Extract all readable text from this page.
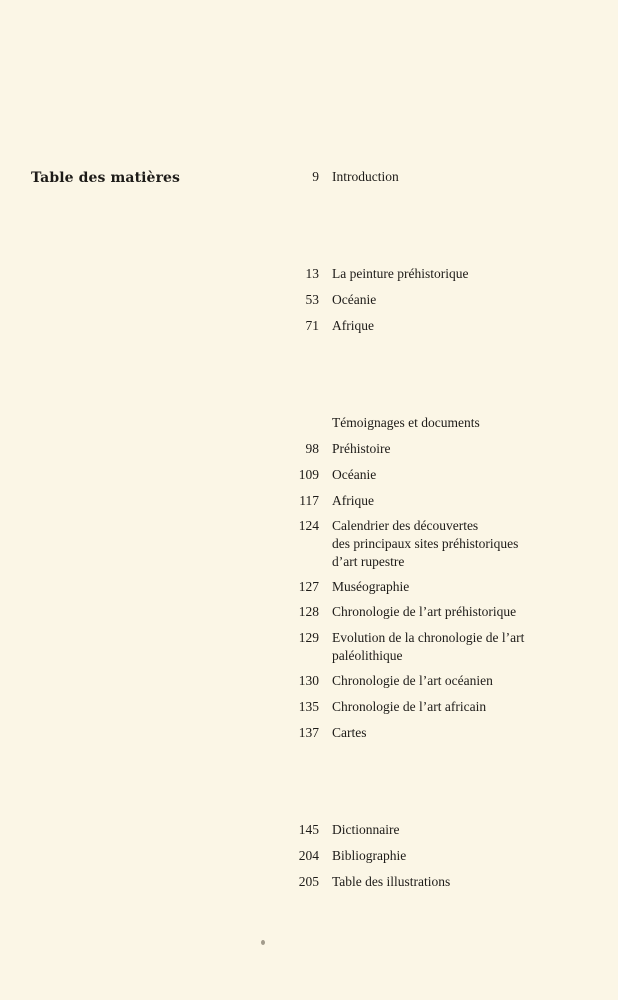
Table des matières	9 Introduction
13 La peinture préhistorique
53 Océanie
71 Afrique
Témoignages et documents
98 Préhistoire
109 Océanie
117 Afrique
124 Calendrier des découvertes
des principaux sites préhistoriques
d’art rupestre
127 Muséographie
128 Chronologie de l’art préhistorique
129 Evolution de la chronologie de l’art
paléolithique
130 Chronologie de l’art océanien
135 Chronologie de l’art africain
137 Cartes
145 Dictionnaire
204 Bibliographie
205 Table des illustrations
